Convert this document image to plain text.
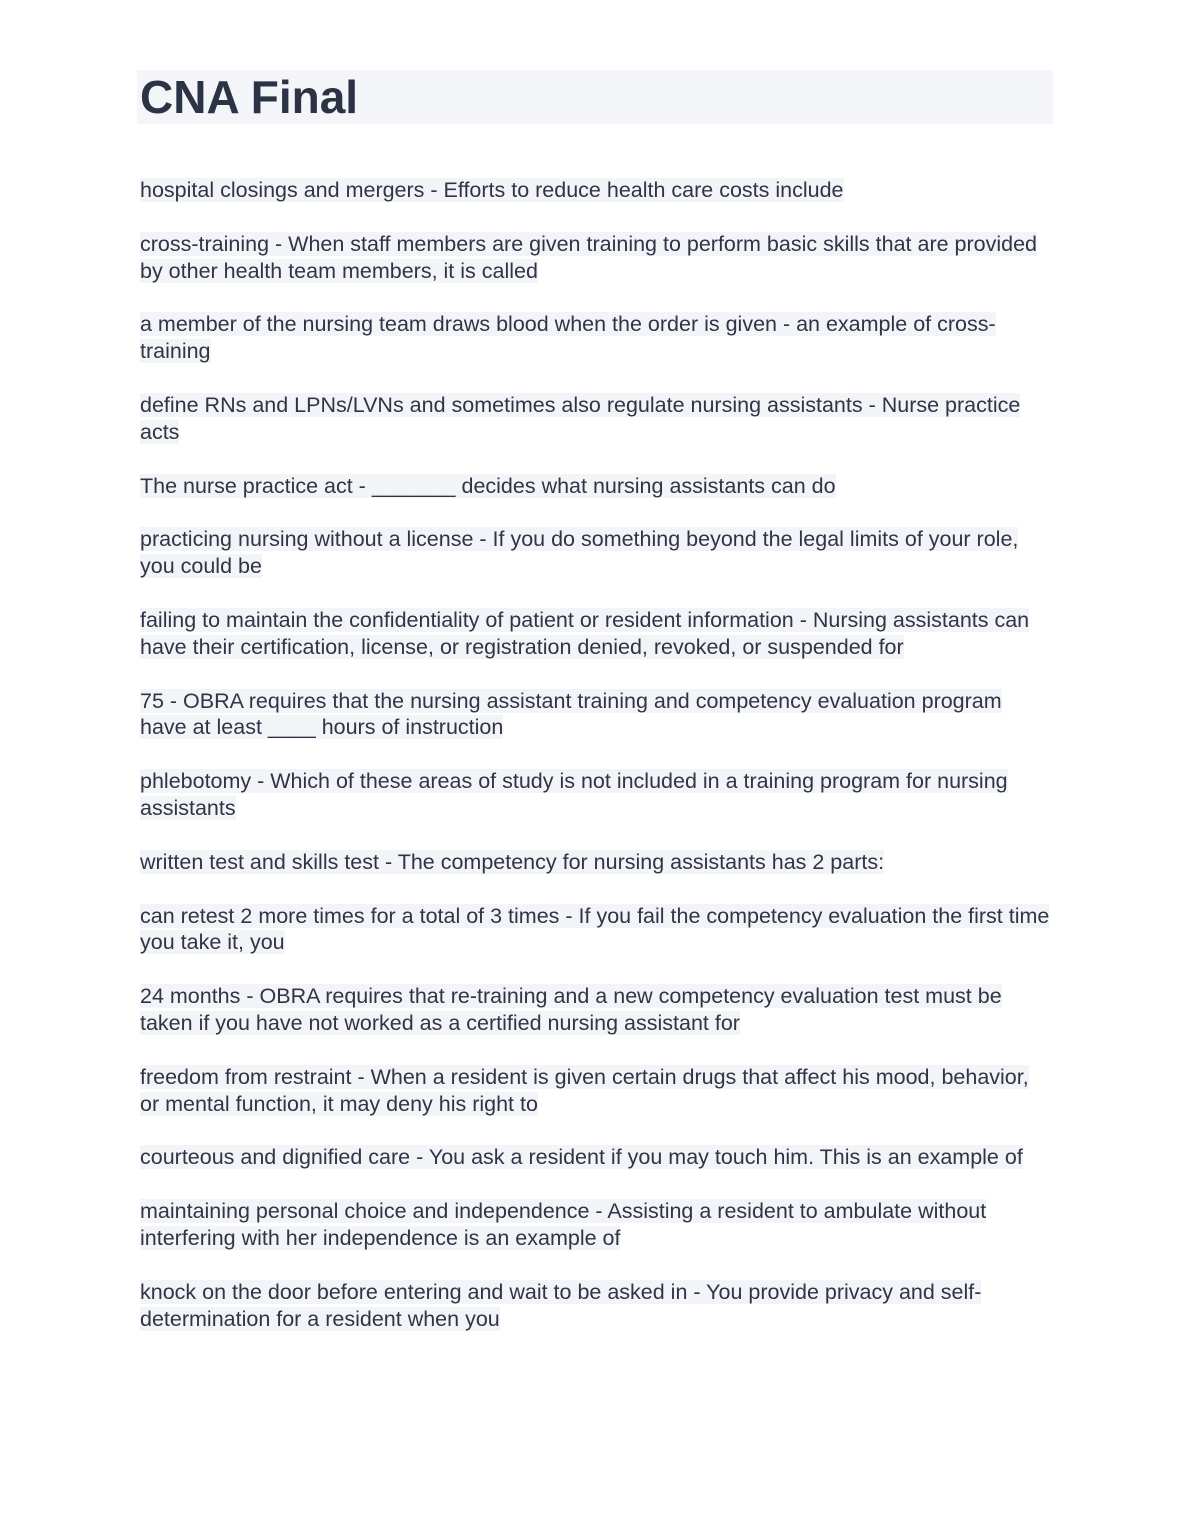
CNA Final

hospital closings and mergers - Efforts to reduce health care costs include

cross-training - When staff members are given training to perform basic skills that are provided by other health team members, it is called

a member of the nursing team draws blood when the order is given - an example of cross-training

define RNs and LPNs/LVNs and sometimes also regulate nursing assistants - Nurse practice acts

The nurse practice act - _______ decides what nursing assistants can do

practicing nursing without a license - If you do something beyond the legal limits of your role, you could be

failing to maintain the confidentiality of patient or resident information - Nursing assistants can have their certification, license, or registration denied, revoked, or suspended for

75 - OBRA requires that the nursing assistant training and competency evaluation program have at least ____ hours of instruction

phlebotomy - Which of these areas of study is not included in a training program for nursing assistants

written test and skills test - The competency for nursing assistants has 2 parts:

can retest 2 more times for a total of 3 times - If you fail the competency evaluation the first time you take it, you

24 months - OBRA requires that re-training and a new competency evaluation test must be taken if you have not worked as a certified nursing assistant for

freedom from restraint - When a resident is given certain drugs that affect his mood, behavior, or mental function, it may deny his right to

courteous and dignified care - You ask a resident if you may touch him. This is an example of

maintaining personal choice and independence - Assisting a resident to ambulate without interfering with her independence is an example of

knock on the door before entering and wait to be asked in - You provide privacy and self-determination for a resident when you
